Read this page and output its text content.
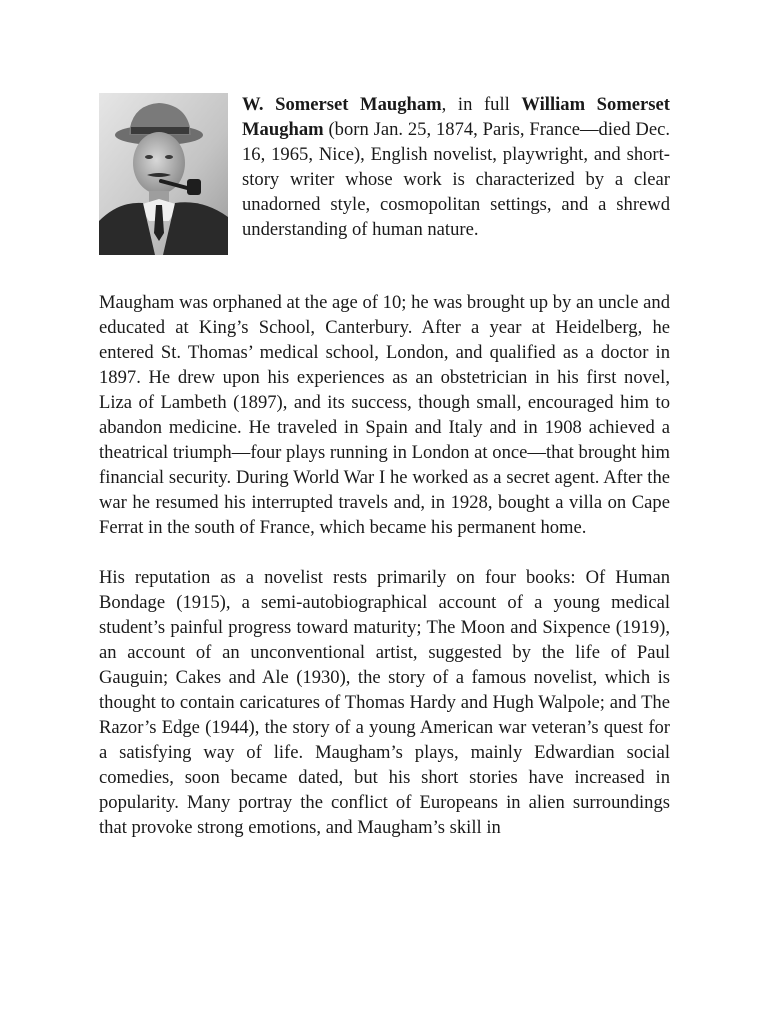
W. Somerset Maugham, in full William Somerset Maugham (born Jan. 25, 1874, Paris, France—died Dec. 16, 1965, Nice), English novelist, playwright, and short-story writer whose work is characterized by a clear unadorned style, cosmopolitan settings, and a shrewd understanding of human nature.

Maugham was orphaned at the age of 10; he was brought up by an uncle and educated at King’s School, Canterbury. After a year at Heidelberg, he entered St. Thomas’ medical school, London, and qualified as a doctor in 1897. He drew upon his experiences as an obstetrician in his first novel, Liza of Lambeth (1897), and its success, though small, encouraged him to abandon medicine. He traveled in Spain and Italy and in 1908 achieved a theatrical triumph—four plays running in London at once—that brought him financial security. During World War I he worked as a secret agent. After the war he resumed his interrupted travels and, in 1928, bought a villa on Cape Ferrat in the south of France, which became his permanent home.

His reputation as a novelist rests primarily on four books: Of Human Bondage (1915), a semi-autobiographical account of a young medical student’s painful progress toward maturity; The Moon and Sixpence (1919), an account of an unconventional artist, suggested by the life of Paul Gauguin; Cakes and Ale (1930), the story of a famous novelist, which is thought to contain caricatures of Thomas Hardy and Hugh Walpole; and The Razor’s Edge (1944), the story of a young American war veteran’s quest for a satisfying way of life. Maugham’s plays, mainly Edwardian social comedies, soon became dated, but his short stories have increased in popularity. Many portray the conflict of Europeans in alien surroundings that provoke strong emotions, and Maugham’s skill in
